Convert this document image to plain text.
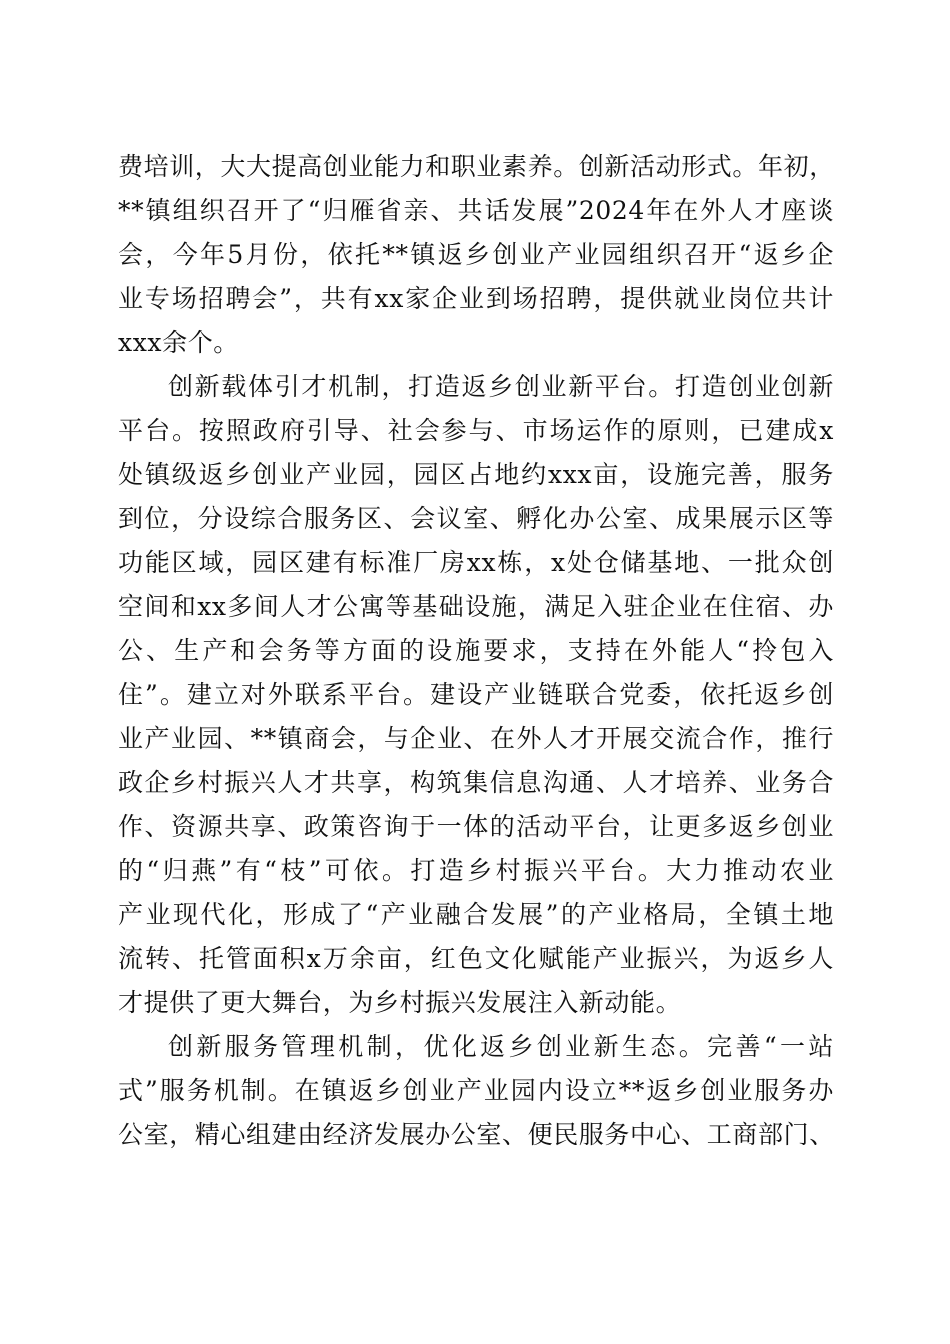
费培训，大大提高创业能力和职业素养。创新活动形式。年初，
**镇组织召开了“归雁省亲、共话发展”2024年在外人才座谈
会，今年5月份，依托**镇返乡创业产业园组织召开“返乡企
业专场招聘会”，共有xx家企业到场招聘，提供就业岗位共计
xxx余个。
创新载体引才机制，打造返乡创业新平台。打造创业创新
平台。按照政府引导、社会参与、市场运作的原则，已建成x
处镇级返乡创业产业园，园区占地约xxx亩，设施完善，服务
到位，分设综合服务区、会议室、孵化办公室、成果展示区等
功能区域，园区建有标准厂房xx栋，x处仓储基地、一批众创
空间和xx多间人才公寓等基础设施，满足入驻企业在住宿、办
公、生产和会务等方面的设施要求，支持在外能人“拎包入
住”。建立对外联系平台。建设产业链联合党委，依托返乡创
业产业园、**镇商会，与企业、在外人才开展交流合作，推行
政企乡村振兴人才共享，构筑集信息沟通、人才培养、业务合
作、资源共享、政策咨询于一体的活动平台，让更多返乡创业
的“归燕”有“枝”可依。打造乡村振兴平台。大力推动农业
产业现代化，形成了“产业融合发展”的产业格局，全镇土地
流转、托管面积x万余亩，红色文化赋能产业振兴，为返乡人
才提供了更大舞台，为乡村振兴发展注入新动能。
创新服务管理机制，优化返乡创业新生态。完善“一站
式”服务机制。在镇返乡创业产业园内设立**返乡创业服务办
公室，精心组建由经济发展办公室、便民服务中心、工商部门、
